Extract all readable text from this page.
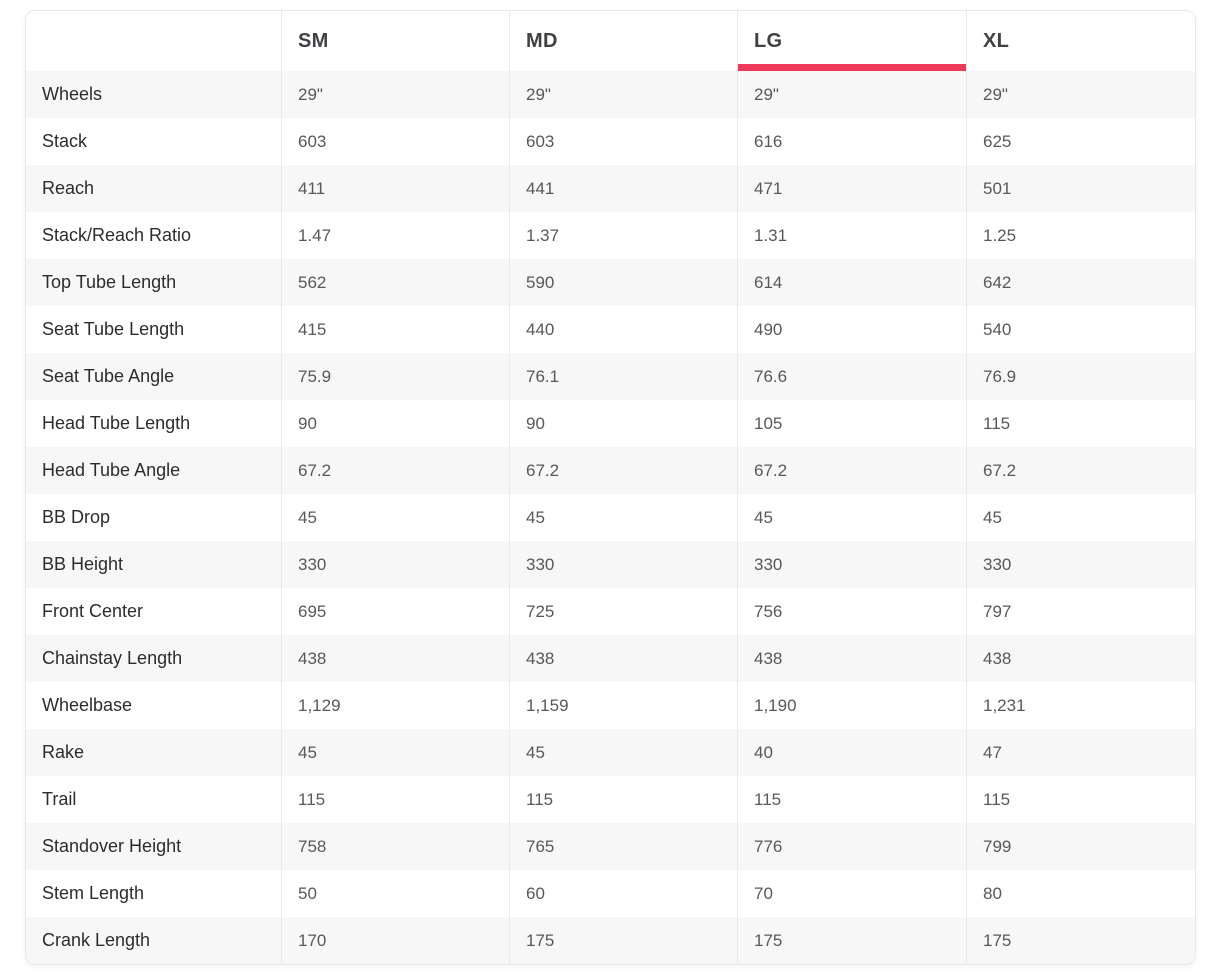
	SM	MD	LG	XL
Wheels	29"	29"	29"	29"
Stack	603	603	616	625
Reach	411	441	471	501
Stack/Reach Ratio	1.47	1.37	1.31	1.25
Top Tube Length	562	590	614	642
Seat Tube Length	415	440	490	540
Seat Tube Angle	75.9	76.1	76.6	76.9
Head Tube Length	90	90	105	115
Head Tube Angle	67.2	67.2	67.2	67.2
BB Drop	45	45	45	45
BB Height	330	330	330	330
Front Center	695	725	756	797
Chainstay Length	438	438	438	438
Wheelbase	1,129	1,159	1,190	1,231
Rake	45	45	40	47
Trail	115	115	115	115
Standover Height	758	765	776	799
Stem Length	50	60	70	80
Crank Length	170	175	175	175
